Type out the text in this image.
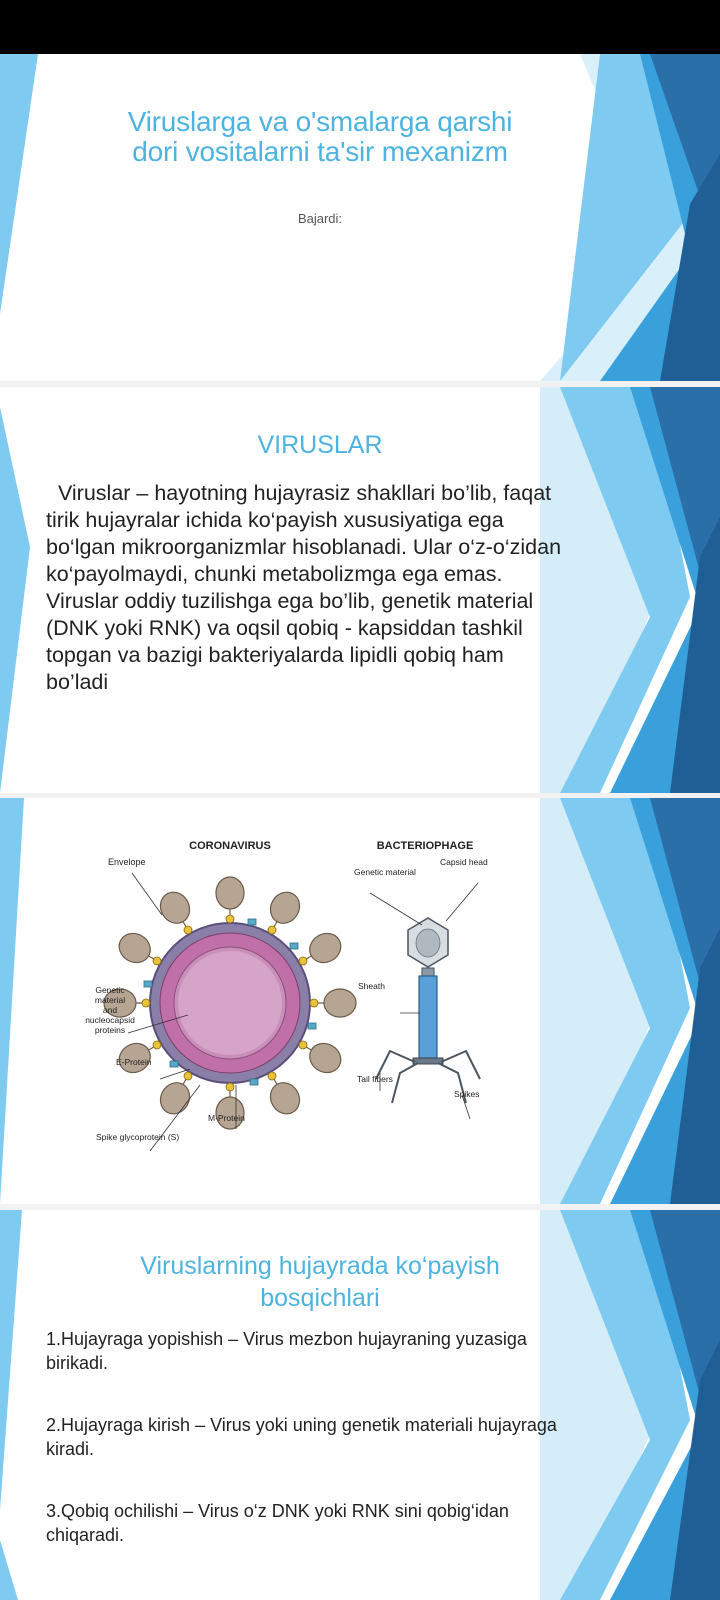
Viruslarga va o'smalarga qarshi
dori vositalarni ta'sir mexanizm
Bajardi:
VIRUSLAR
Viruslar – hayotning hujayrasiz shakllari bo’lib, faqat tirik hujayralar ichida ko‘payish xususiyatiga ega bo‘lgan mikroorganizmlar hisoblanadi. Ular o‘z-o‘zidan ko‘payolmaydi, chunki metabolizmga ega emas. Viruslar oddiy tuzilishga ega bo’lib, genetik material (DNK yoki RNK) va oqsil qobiq - kapsiddan tashkil topgan va bazigi bakteriyalarda lipidli qobiq ham bo’ladi
CORONAVIRUS	BACTERIOPHAGE
Envelope
Genetic
material
and
nucleocapsid
proteins
E-Protein
M-Protein
Spike glycoprotein (S)
Genetic material
Capsid head
Sheath
Tail fibers
Spikes
Viruslarning hujayrada ko‘payish
bosqichlari
1.Hujayraga yopishish – Virus mezbon hujayraning yuzasiga birikadi.
2.Hujayraga kirish – Virus yoki uning genetik materiali hujayraga kiradi.
3.Qobiq ochilishi – Virus o‘z DNK yoki RNK sini qobig‘idan chiqaradi.
